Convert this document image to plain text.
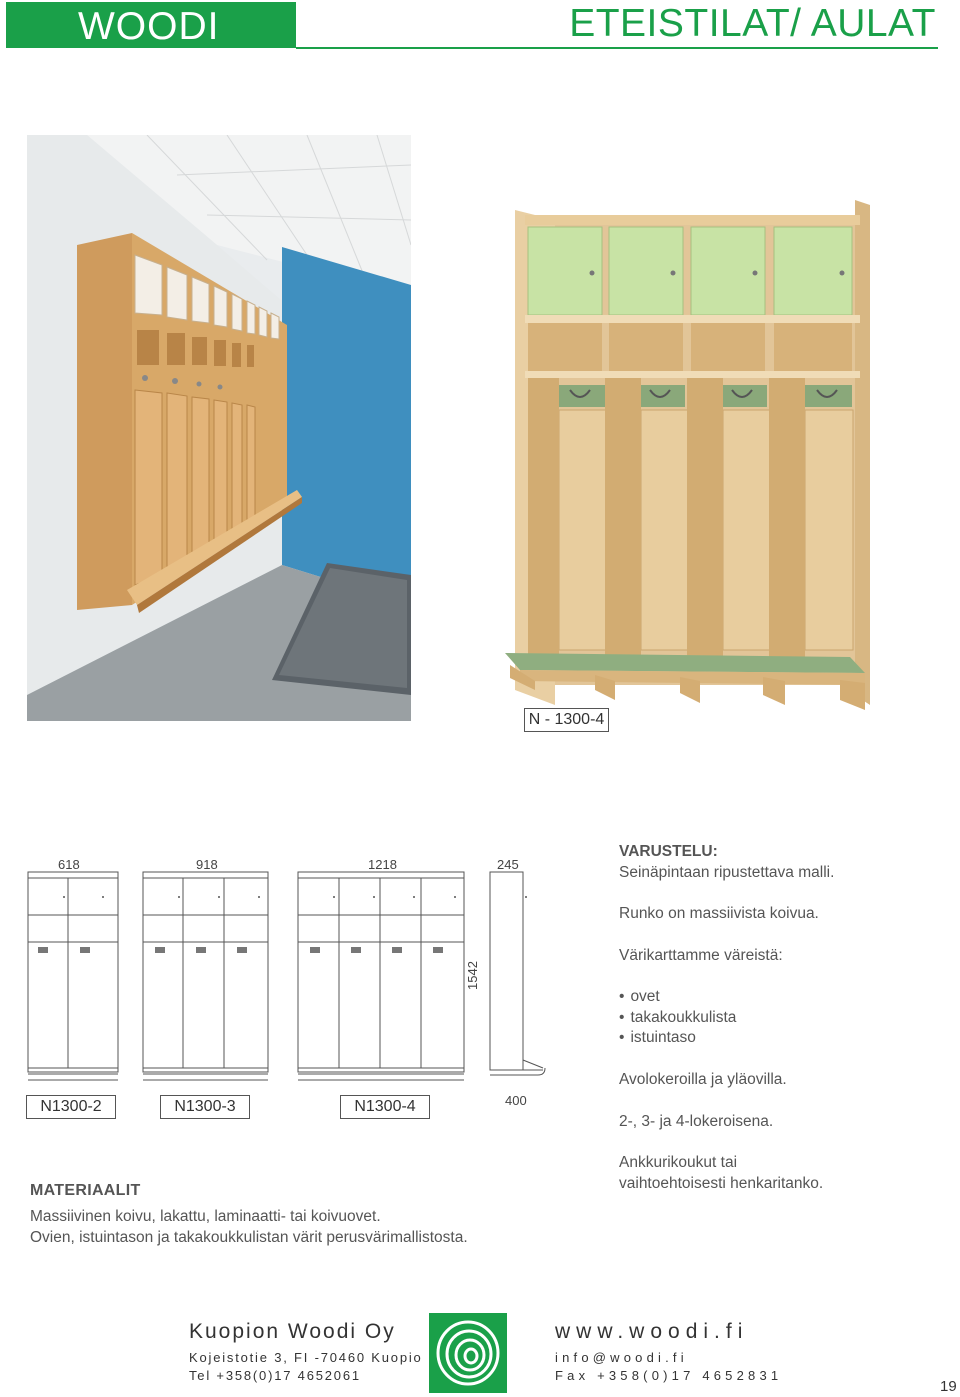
WOODI	ETEISTILAT/ AULAT
N - 1300-4
618	918	1218	245
1542
400
N1300-2	N1300-3	N1300-4
VARUSTELU:
Seinäpintaan ripustettava malli.
Runko on massiivista koivua.
Värikarttamme väreistä:
• ovet
• takakoukkulista
• istuintaso
Avolokeroilla ja yläovilla.
2-, 3- ja 4-lokeroisena.
Ankkurikoukut tai
vaihtoehtoisesti henkaritanko.
MATERIAALIT
Massiivinen koivu, lakattu, laminaatti- tai koivuovet.
Ovien, istuintason ja takakoukkulistan värit perusvärimallistosta.
Kuopion Woodi Oy
Kojeistotie 3, FI -70460 Kuopio
Tel +358(0)17 4652061
www.woodi.fi
info@woodi.fi
Fax +358(0)17 4652831
19
